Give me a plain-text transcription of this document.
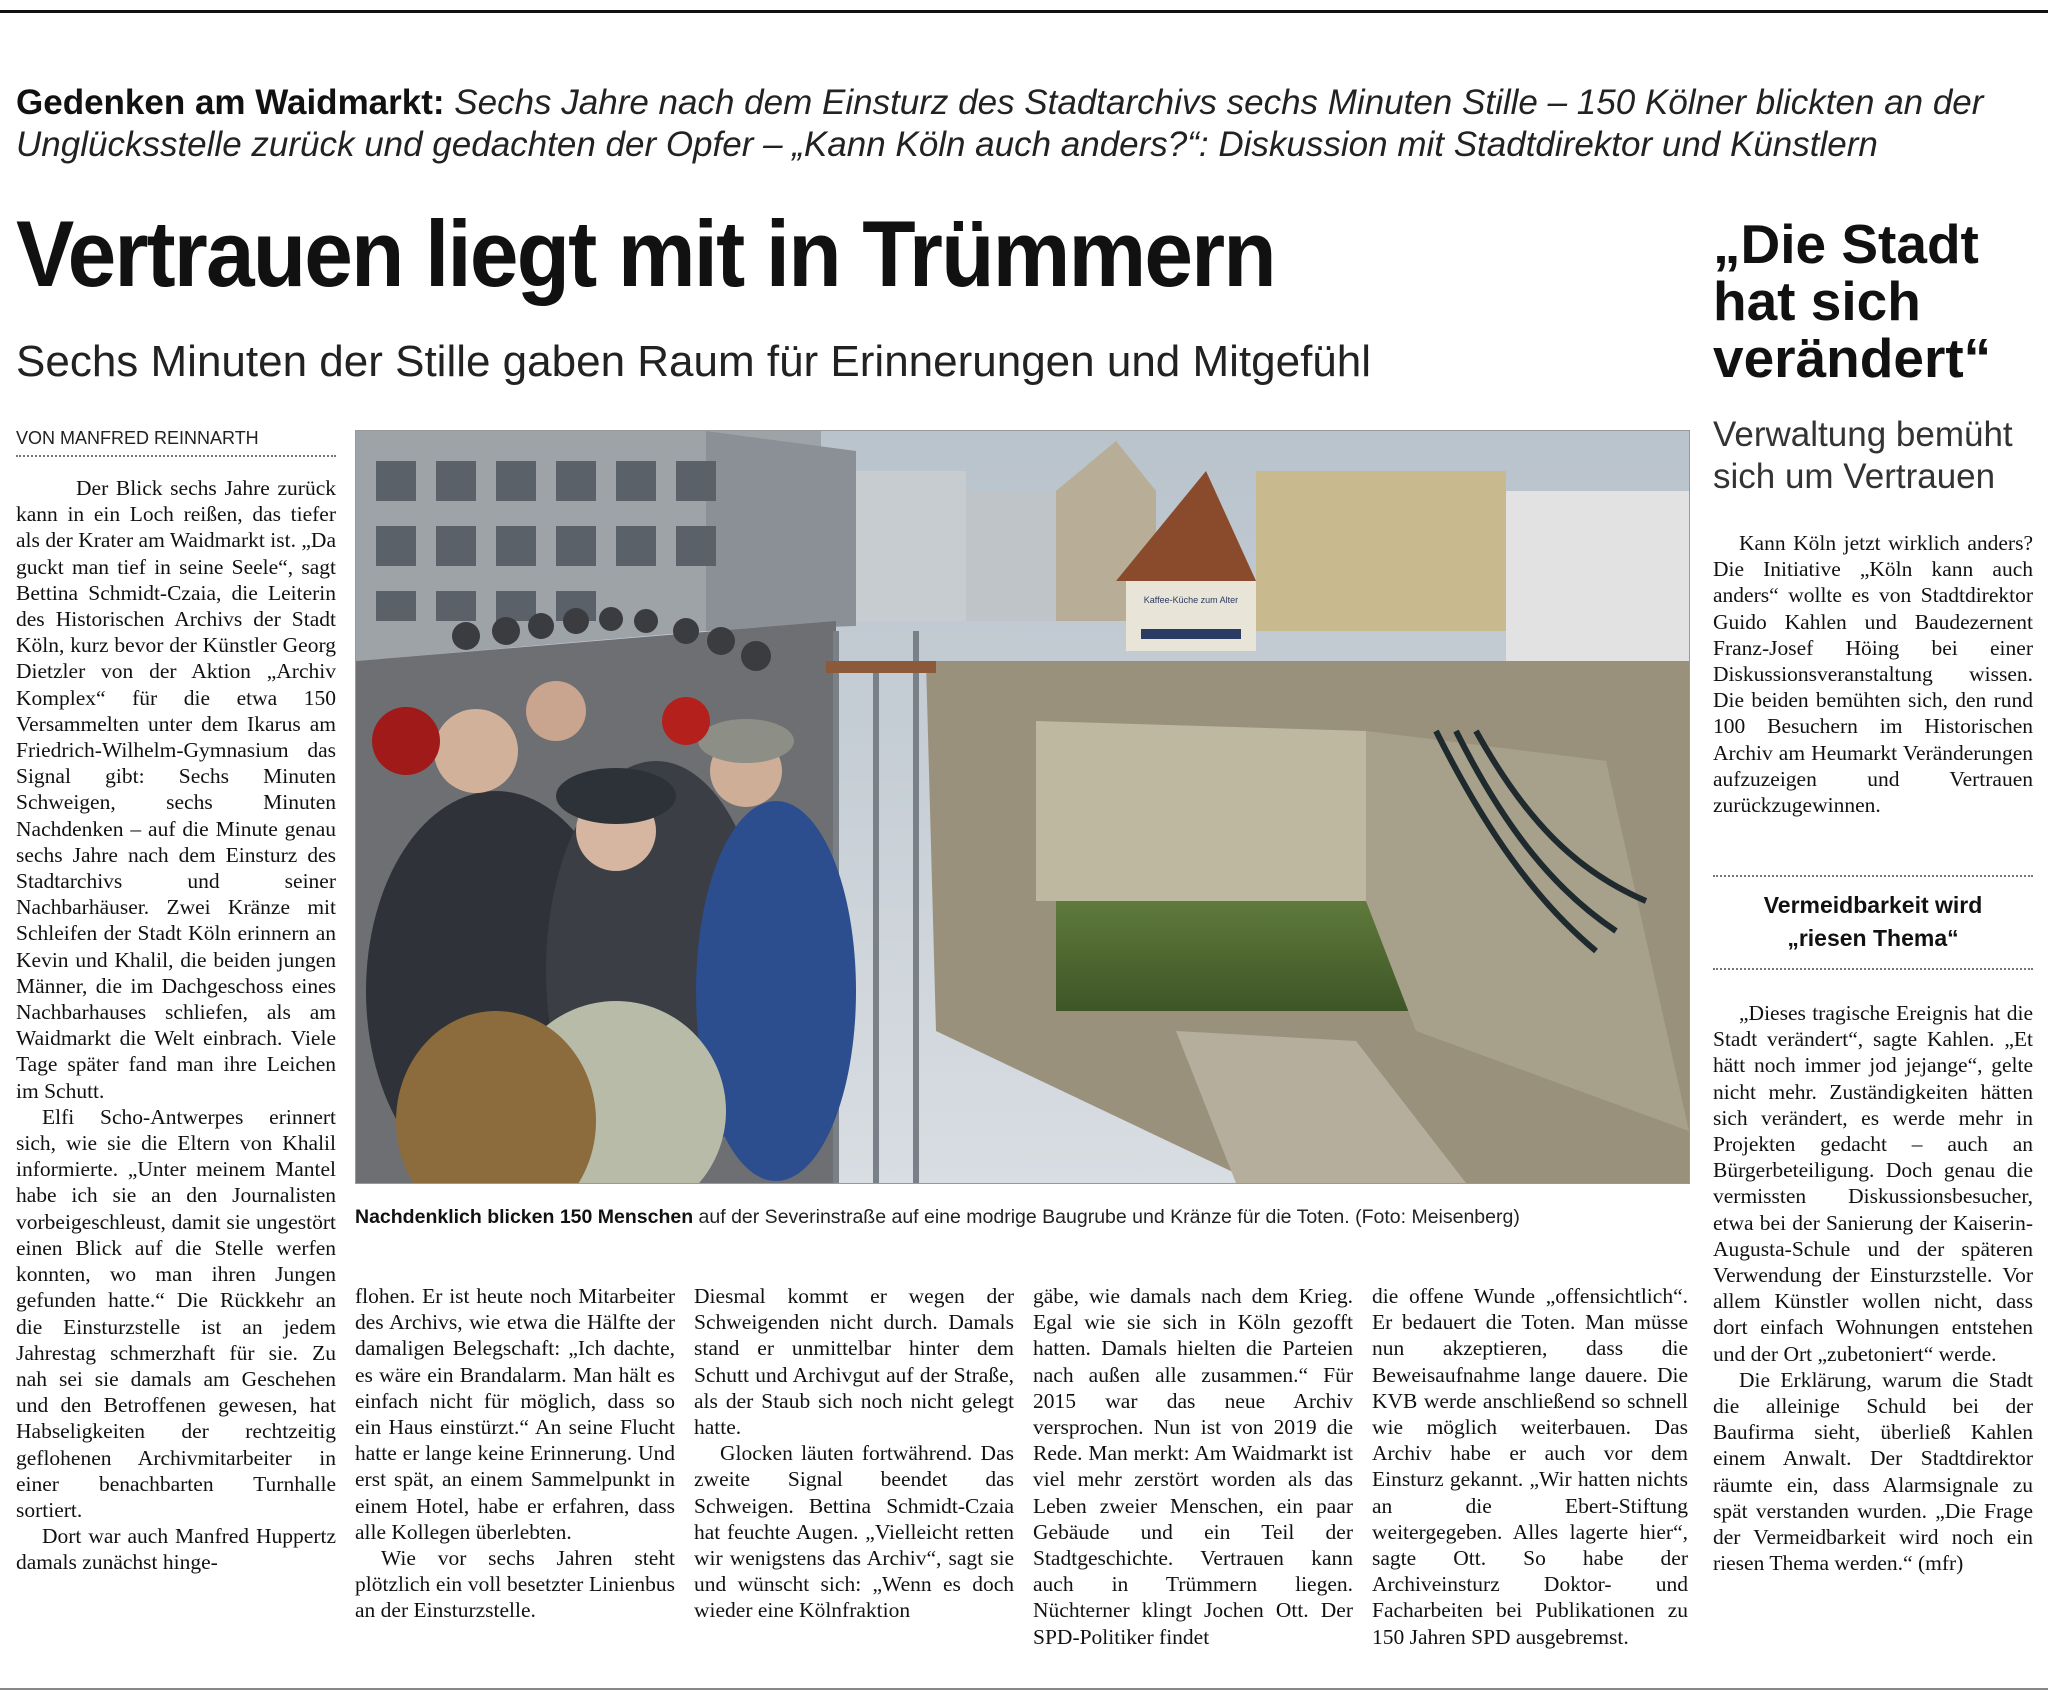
Gedenken am Waidmarkt: Sechs Jahre nach dem Einsturz des Stadtarchivs sechs Minuten Stille – 150 Kölner blickten an der Unglücksstelle zurück und gedachten der Opfer – „Kann Köln auch anders?“: Diskussion mit Stadtdirektor und Künstlern
Vertrauen liegt mit in Trümmern
Sechs Minuten der Stille gaben Raum für Erinnerungen und Mitgefühl
VON MANFRED REINNARTH

Der Blick sechs Jahre zurück kann in ein Loch reißen, das tiefer als der Krater am Waidmarkt ist. „Da guckt man tief in seine Seele“, sagt Bettina Schmidt-Czaia, die Leiterin des Historischen Archivs der Stadt Köln, kurz bevor der Künstler Georg Dietzler von der Aktion „Archiv Komplex“ für die etwa 150 Versammelten unter dem Ikarus am Friedrich-Wilhelm-Gymnasium das Signal gibt: Sechs Minuten Schweigen, sechs Minuten Nachdenken – auf die Minute genau sechs Jahre nach dem Einsturz des Stadtarchivs und seiner Nachbarhäuser. Zwei Kränze mit Schleifen der Stadt Köln erinnern an Kevin und Khalil, die beiden jungen Männer, die im Dachgeschoss eines Nachbarhauses schliefen, als am Waidmarkt die Welt einbrach. Viele Tage später fand man ihre Leichen im Schutt.

Elfi Scho-Antwerpes erinnert sich, wie sie die Eltern von Khalil informierte. „Unter meinem Mantel habe ich sie an den Journalisten vorbeigeschleust, damit sie ungestört einen Blick auf die Stelle werfen konnten, wo man ihren Jungen gefunden hatte.“ Die Rückkehr an die Einsturzstelle ist an jedem Jahrestag schmerzhaft für sie. Zu nah sei sie damals am Geschehen und den Betroffenen gewesen, hat Habseligkeiten der rechtzeitig geflohenen Archivmitarbeiter in einer benachbarten Turnhalle sortiert.

Dort war auch Manfred Huppertz damals zunächst hinge-

Kaffee-Küche zum Alter
Nachdenklich blicken 150 Menschen auf der Severinstraße auf eine modrige Baugrube und Kränze für die Toten. (Foto: Meisenberg)

flohen. Er ist heute noch Mitarbeiter des Archivs, wie etwa die Hälfte der damaligen Belegschaft: „Ich dachte, es wäre ein Brandalarm. Man hält es einfach nicht für möglich, dass so ein Haus einstürzt.“ An seine Flucht hatte er lange keine Erinnerung. Und erst spät, an einem Sammelpunkt in einem Hotel, habe er erfahren, dass alle Kollegen überlebten.

Wie vor sechs Jahren steht plötzlich ein voll besetzter Linienbus an der Einsturzstelle.

Diesmal kommt er wegen der Schweigenden nicht durch. Damals stand er unmittelbar hinter dem Schutt und Archivgut auf der Straße, als der Staub sich noch nicht gelegt hatte.

Glocken läuten fortwährend. Das zweite Signal beendet das Schweigen. Bettina Schmidt-Czaia hat feuchte Augen. „Vielleicht retten wir wenigstens das Archiv“, sagt sie und wünscht sich: „Wenn es doch wieder eine Kölnfraktion

gäbe, wie damals nach dem Krieg. Egal wie sie sich in Köln gezofft hatten. Damals hielten die Parteien nach außen alle zusammen.“ Für 2015 war das neue Archiv versprochen. Nun ist von 2019 die Rede. Man merkt: Am Waidmarkt ist viel mehr zerstört worden als das Leben zweier Menschen, ein paar Gebäude und ein Teil der Stadtgeschichte. Vertrauen kann auch in Trümmern liegen. Nüchterner klingt Jochen Ott. Der SPD-Politiker findet

die offene Wunde „offensichtlich“. Er bedauert die Toten. Man müsse nun akzeptieren, dass die Beweisaufnahme lange dauere. Die KVB werde anschließend so schnell wie möglich weiterbauen. Das Archiv habe er auch vor dem Einsturz gekannt. „Wir hatten nichts an die Ebert-Stiftung weitergegeben. Alles lagerte hier“, sagte Ott. So habe der Archiveinsturz Doktor- und Facharbeiten bei Publikationen zu 150 Jahren SPD ausgebremst.

„Die Stadt
hat sich
verändert“
Verwaltung bemüht
sich um Vertrauen

Kann Köln jetzt wirklich anders? Die Initiative „Köln kann auch anders“ wollte es von Stadtdirektor Guido Kahlen und Baudezernent Franz-Josef Höing bei einer Diskussionsveranstaltung wissen. Die beiden bemühten sich, den rund 100 Besuchern im Historischen Archiv am Heumarkt Veränderungen aufzuzeigen und Vertrauen zurückzugewinnen.

Vermeidbarkeit wird
„riesen Thema“

„Dieses tragische Ereignis hat die Stadt verändert“, sagte Kahlen. „Et hätt noch immer jod jejange“, gelte nicht mehr. Zuständigkeiten hätten sich verändert, es werde mehr in Projekten gedacht – auch an Bürgerbeteiligung. Doch genau die vermissten Diskussionsbesucher, etwa bei der Sanierung der Kaiserin-Augusta-Schule und der späteren Verwendung der Einsturzstelle. Vor allem Künstler wollen nicht, dass dort einfach Wohnungen entstehen und der Ort „zubetoniert“ werde.

Die Erklärung, warum die Stadt die alleinige Schuld bei der Baufirma sieht, überließ Kahlen einem Anwalt. Der Stadtdirektor räumte ein, dass Alarmsignale zu spät verstanden wurden. „Die Frage der Vermeidbarkeit wird noch ein riesen Thema werden.“ (mfr)
